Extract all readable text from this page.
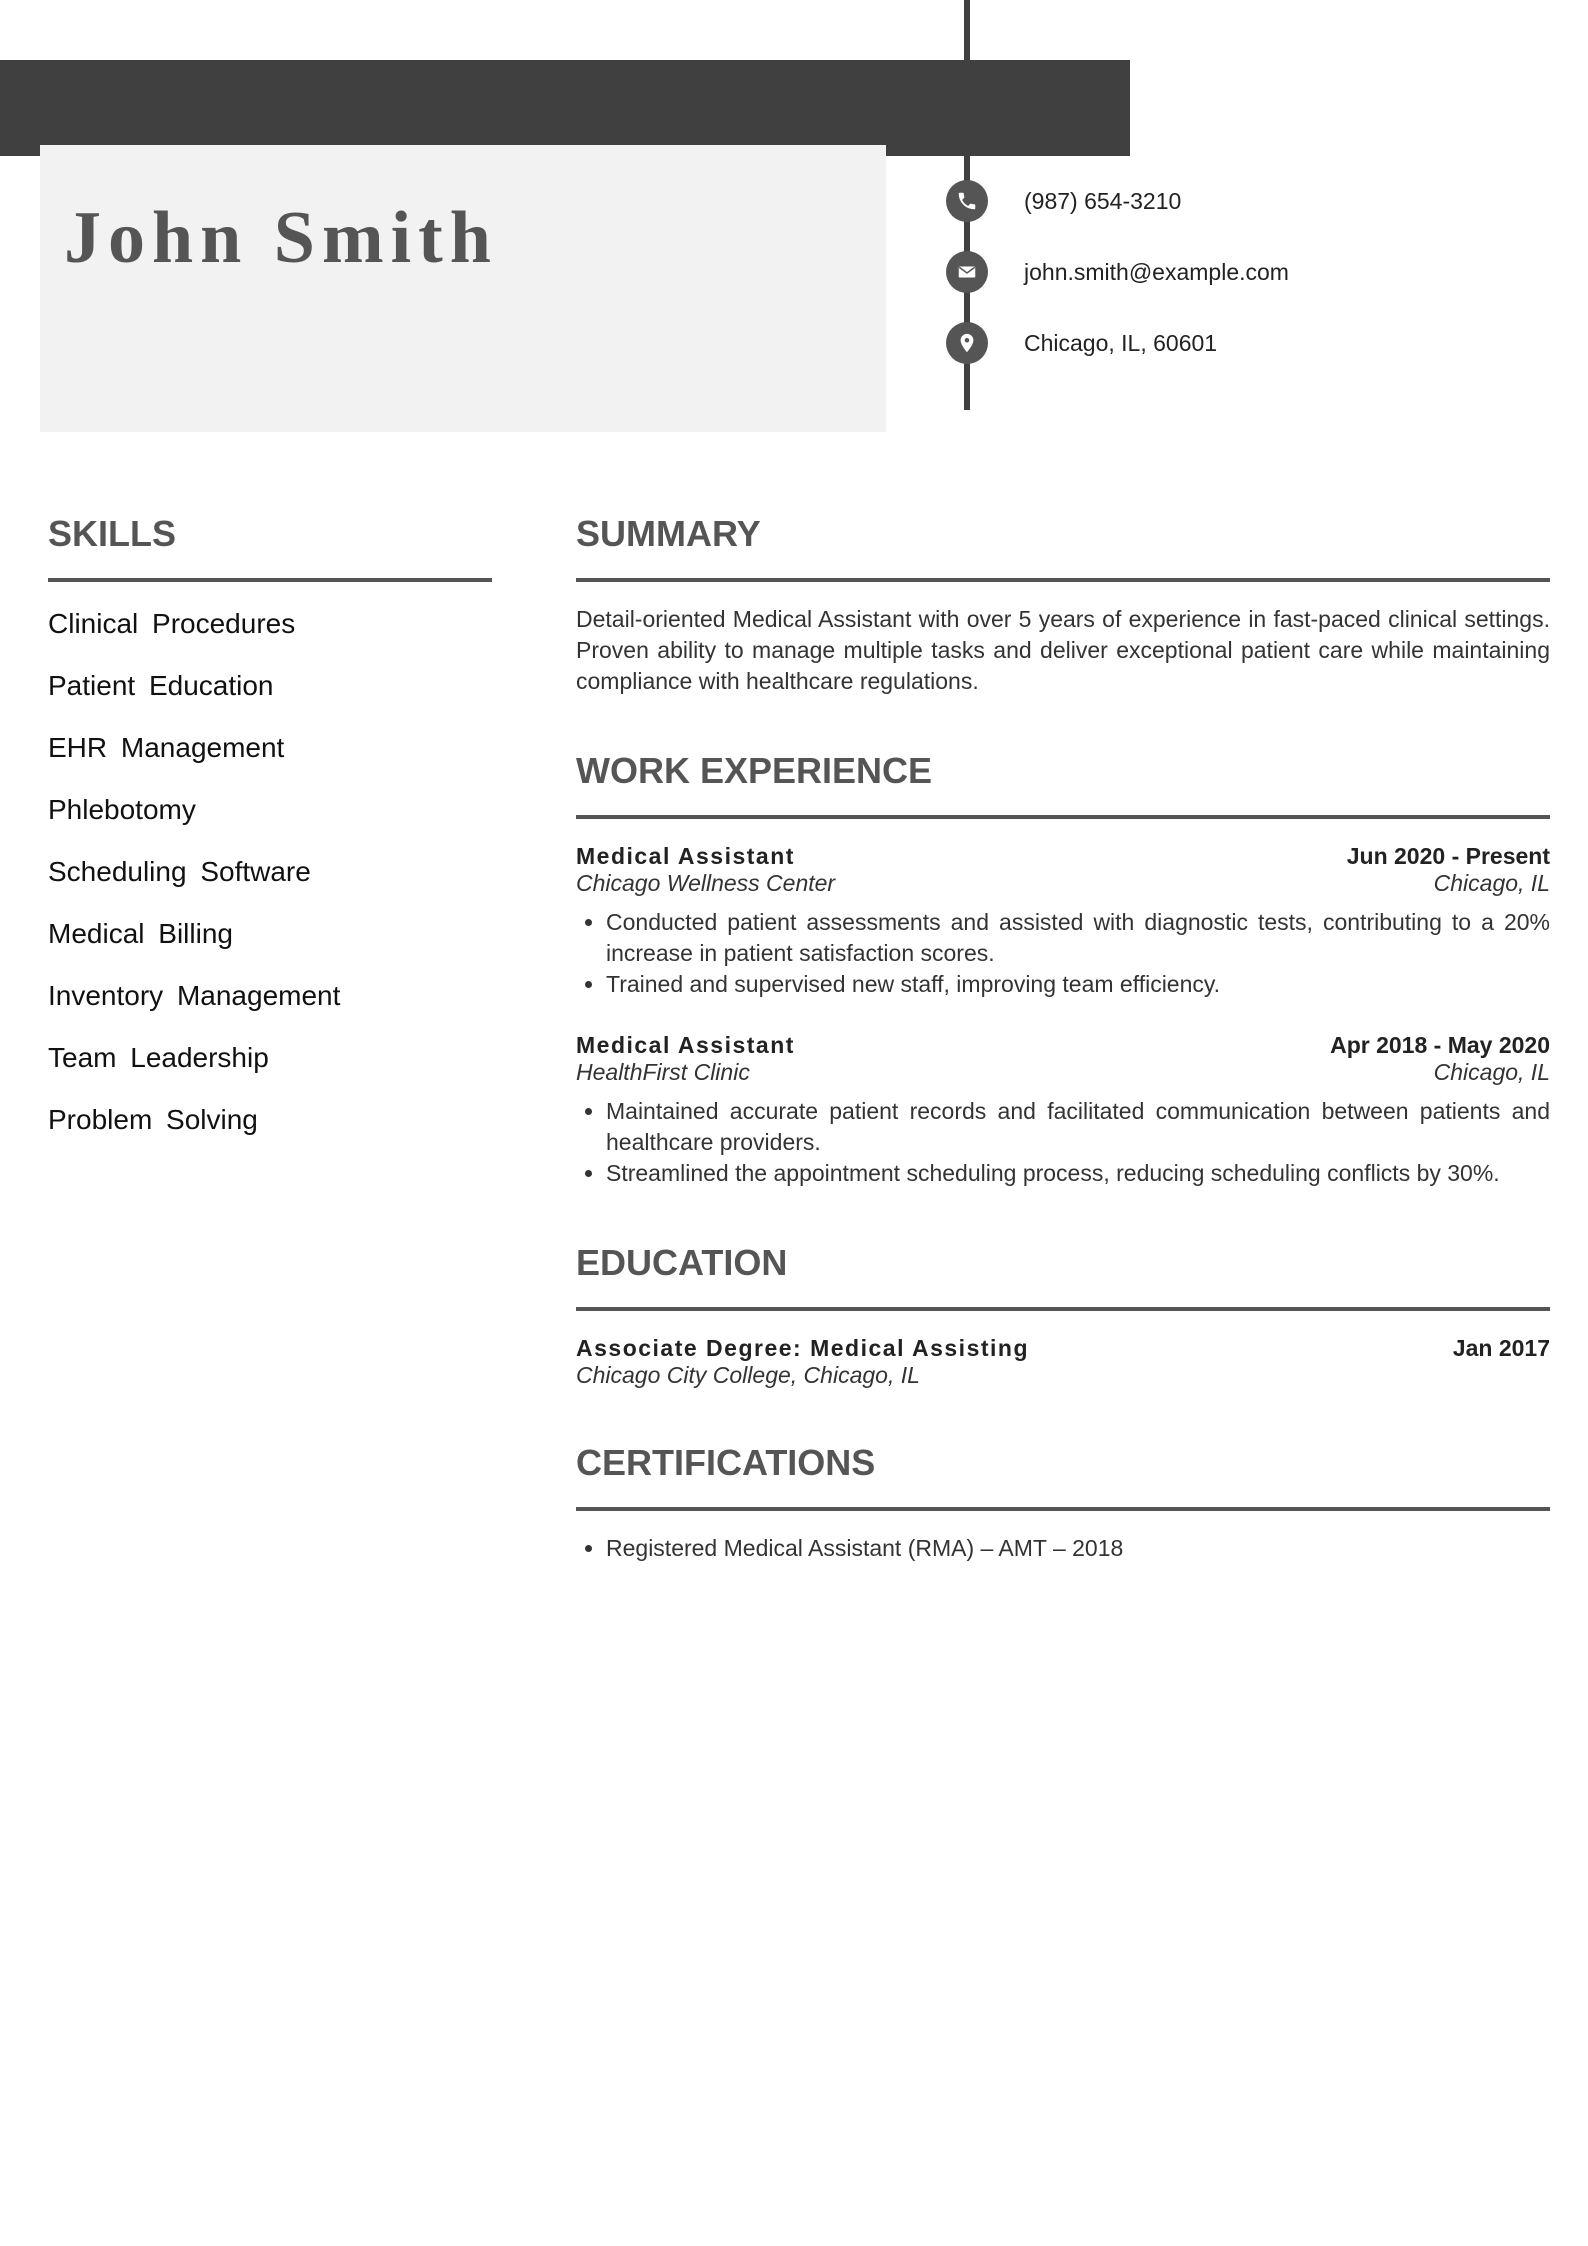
John Smith	(987) 654-3210
john.smith@example.com
Chicago, IL, 60601
SKILLS
Clinical Procedures
Patient Education
EHR Management
Phlebotomy
Scheduling Software
Medical Billing
Inventory Management
Team Leadership
Problem Solving
SUMMARY

Detail-oriented Medical Assistant with over 5 years of experience in fast-paced clinical settings. Proven ability to manage multiple tasks and deliver exceptional patient care while maintaining compliance with healthcare regulations.

WORK EXPERIENCE
Medical Assistant	Jun 2020 - Present
Chicago Wellness Center	Chicago, IL
• Conducted patient assessments and assisted with diagnostic tests, contributing to a 20% increase in patient satisfaction scores.
• Trained and supervised new staff, improving team efficiency.
Medical Assistant	Apr 2018 - May 2020
HealthFirst Clinic	Chicago, IL
• Maintained accurate patient records and facilitated communication between patients and healthcare providers.
• Streamlined the appointment scheduling process, reducing scheduling conflicts by 30%.
EDUCATION
Associate Degree: Medical Assisting	Jan 2017
Chicago City College, Chicago, IL
CERTIFICATIONS
• Registered Medical Assistant (RMA) – AMT – 2018
